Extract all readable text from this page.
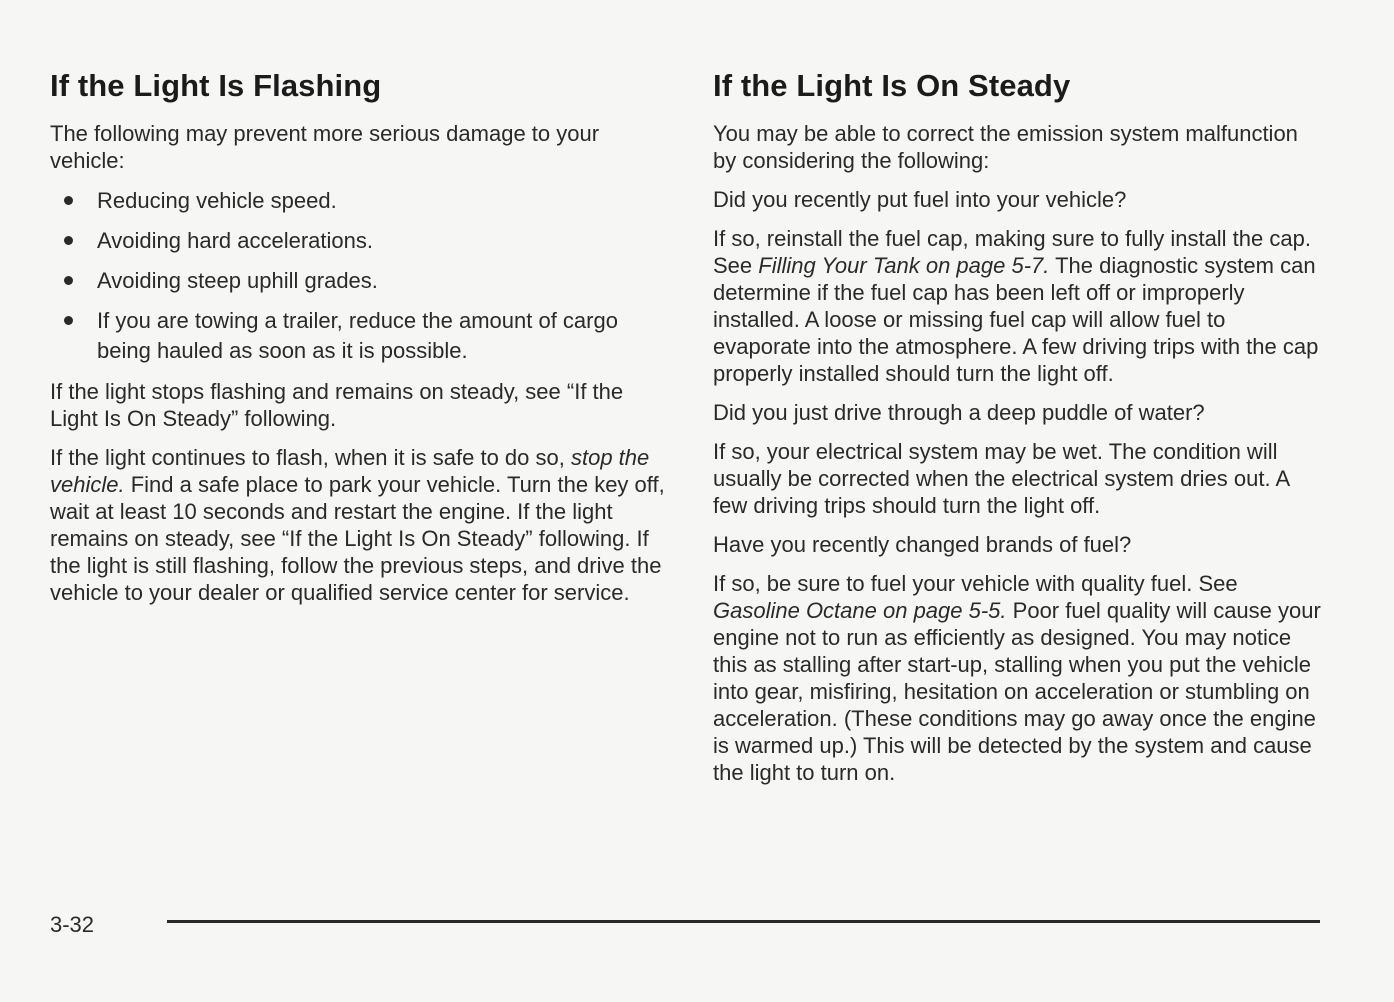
If the Light Is Flashing

The following may prevent more serious damage to your vehicle:

Reducing vehicle speed.
Avoiding hard accelerations.
Avoiding steep uphill grades.
If you are towing a trailer, reduce the amount of cargo being hauled as soon as it is possible.

If the light stops flashing and remains on steady, see “If the Light Is On Steady” following.

If the light continues to flash, when it is safe to do so, stop the vehicle. Find a safe place to park your vehicle. Turn the key off, wait at least 10 seconds and restart the engine. If the light remains on steady, see “If the Light Is On Steady” following. If the light is still flashing, follow the previous steps, and drive the vehicle to your dealer or qualified service center for service.

If the Light Is On Steady

You may be able to correct the emission system malfunction by considering the following:

Did you recently put fuel into your vehicle?

If so, reinstall the fuel cap, making sure to fully install the cap. See Filling Your Tank on page 5-7. The diagnostic system can determine if the fuel cap has been left off or improperly installed. A loose or missing fuel cap will allow fuel to evaporate into the atmosphere. A few driving trips with the cap properly installed should turn the light off.

Did you just drive through a deep puddle of water?

If so, your electrical system may be wet. The condition will usually be corrected when the electrical system dries out. A few driving trips should turn the light off.

Have you recently changed brands of fuel?

If so, be sure to fuel your vehicle with quality fuel. See Gasoline Octane on page 5-5. Poor fuel quality will cause your engine not to run as efficiently as designed. You may notice this as stalling after start-up, stalling when you put the vehicle into gear, misfiring, hesitation on acceleration or stumbling on acceleration. (These conditions may go away once the engine is warmed up.) This will be detected by the system and cause the light to turn on.

3-32
